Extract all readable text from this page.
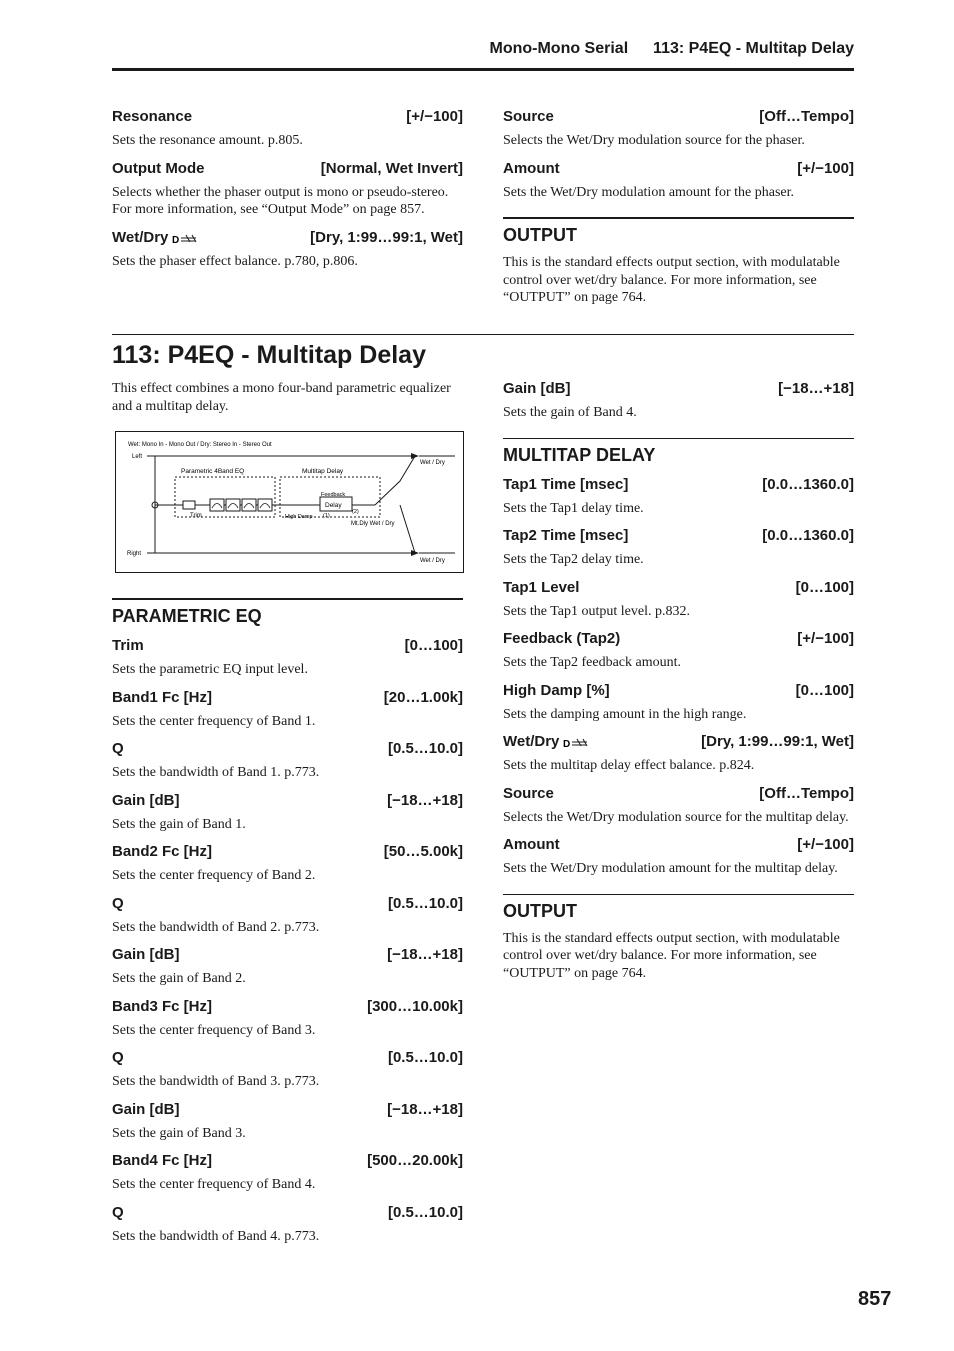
Mono-Mono Serial 113: P4EQ - Multitap Delay
Resonance	[+/−100]
Sets the resonance amount. p.805.
Output Mode	[Normal, Wet Invert]
Selects whether the phaser output is mono or pseudo-stereo. For more information, see “Output Mode” on page 857.
Wet/Dry D	[Dry, 1:99…99:1, Wet]
Sets the phaser effect balance. p.780, p.806.
Source	[Off…Tempo]
Selects the Wet/Dry modulation source for the phaser.
Amount	[+/−100]
Sets the Wet/Dry modulation amount for the phaser.
OUTPUT
This is the standard effects output section, with modulatable control over wet/dry balance. For more information, see “OUTPUT” on page 764.
113: P4EQ - Multitap Delay
This effect combines a mono four-band parametric equalizer and a multitap delay.
Wet: Mono In - Mono Out / Dry: Stereo In - Stereo Out
Left
Right
Parametric 4Band EQ
Trim
Multitap Delay
Delay
Feedback
High Damp (1)
(2)
Mt.Dly Wet / Dry
Wet / Dry
Wet / Dry
PARAMETRIC EQ
Trim	[0…100]
Sets the parametric EQ input level.
Band1 Fc [Hz]	[20…1.00k]
Sets the center frequency of Band 1.
Q	[0.5…10.0]
Sets the bandwidth of Band 1. p.773.
Gain [dB]	[−18…+18]
Sets the gain of Band 1.
Band2 Fc [Hz]	[50…5.00k]
Sets the center frequency of Band 2.
Q	[0.5…10.0]
Sets the bandwidth of Band 2. p.773.
Gain [dB]	[−18…+18]
Sets the gain of Band 2.
Band3 Fc [Hz]	[300…10.00k]
Sets the center frequency of Band 3.
Q	[0.5…10.0]
Sets the bandwidth of Band 3. p.773.
Gain [dB]	[−18…+18]
Sets the gain of Band 3.
Band4 Fc [Hz]	[500…20.00k]
Sets the center frequency of Band 4.
Q	[0.5…10.0]
Sets the bandwidth of Band 4. p.773.
Gain [dB]	[−18…+18]
Sets the gain of Band 4.
MULTITAP DELAY
Tap1 Time [msec]	[0.0…1360.0]
Sets the Tap1 delay time.
Tap2 Time [msec]	[0.0…1360.0]
Sets the Tap2 delay time.
Tap1 Level	[0…100]
Sets the Tap1 output level. p.832.
Feedback (Tap2)	[+/−100]
Sets the Tap2 feedback amount.
High Damp [%]	[0…100]
Sets the damping amount in the high range.
Wet/Dry D	[Dry, 1:99…99:1, Wet]
Sets the multitap delay effect balance. p.824.
Source	[Off…Tempo]
Selects the Wet/Dry modulation source for the multitap delay.
Amount	[+/−100]
Sets the Wet/Dry modulation amount for the multitap delay.
OUTPUT
This is the standard effects output section, with modulatable control over wet/dry balance. For more information, see “OUTPUT” on page 764.
857
